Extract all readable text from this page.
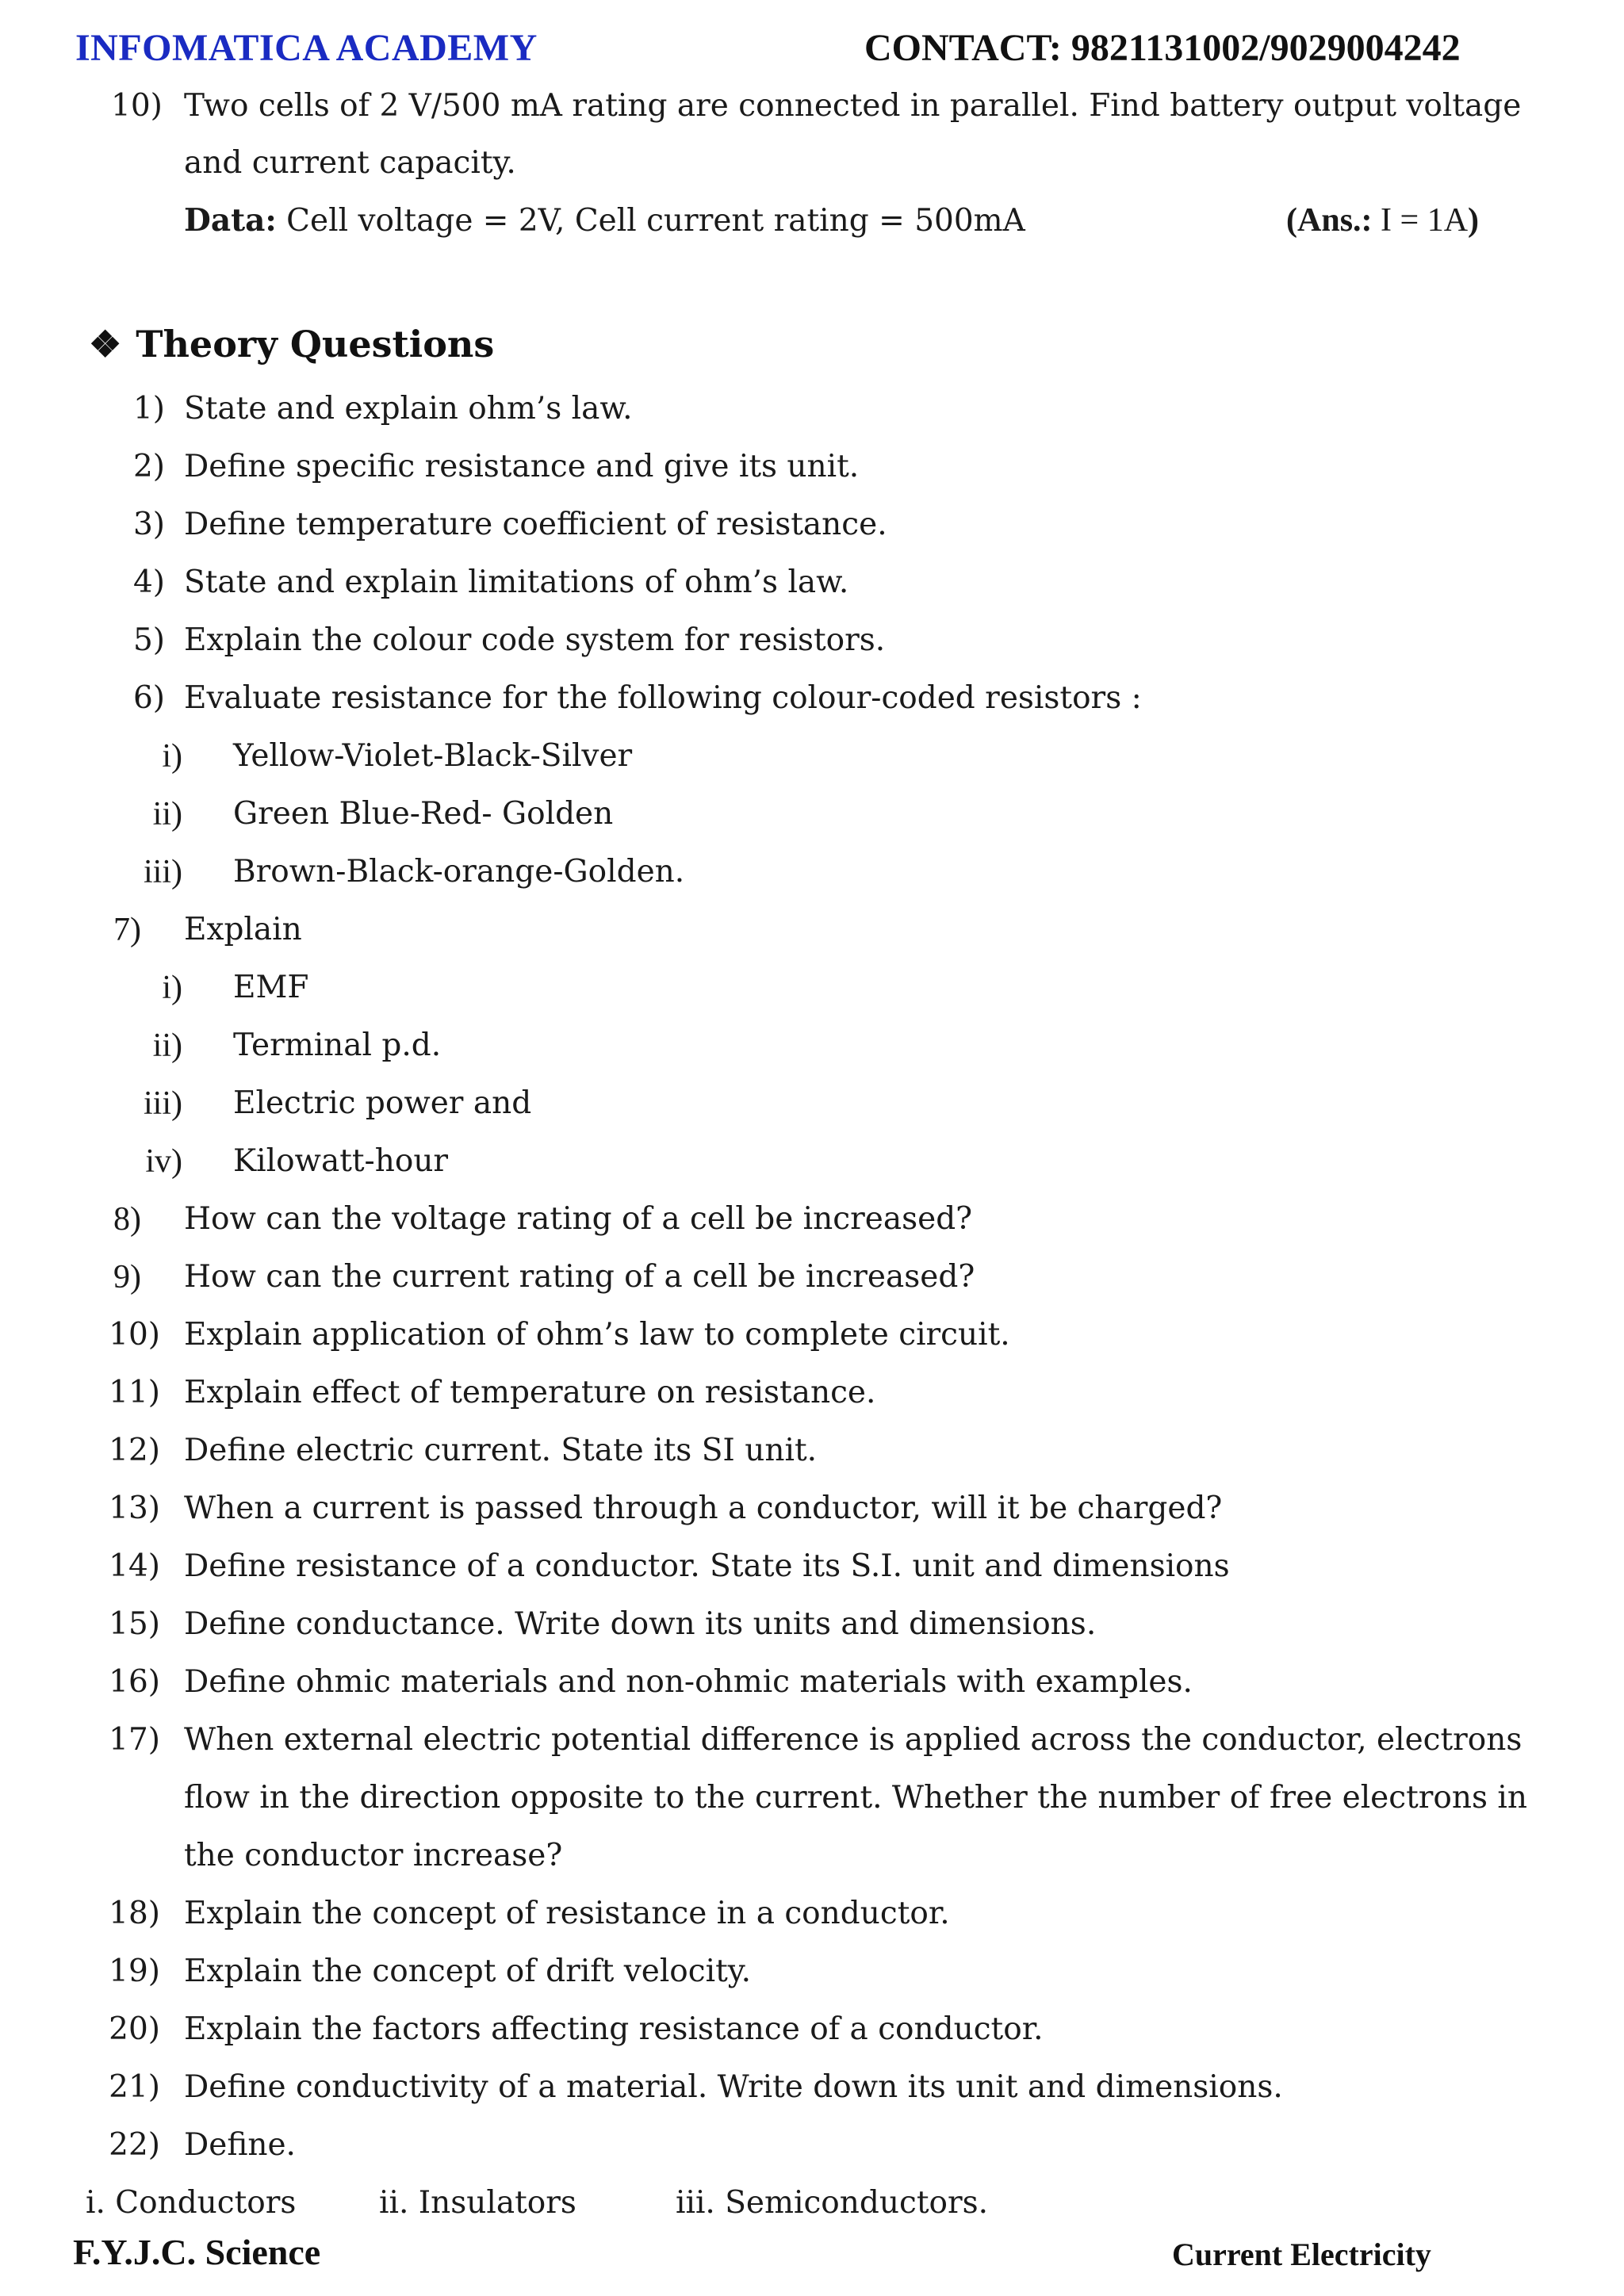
INFOMATICA ACADEMY	CONTACT: 9821131002/9029004242
10) Two cells of 2 V/500 mA rating are connected in parallel. Find battery output voltage
and current capacity.
Data: Cell voltage = 2V, Cell current rating = 500mA	(Ans.: I = 1A)
❖ Theory Questions
1) State and explain ohm’s law.
2) Define specific resistance and give its unit.
3) Define temperature coefficient of resistance.
4) State and explain limitations of ohm’s law.
5) Explain the colour code system for resistors.
6) Evaluate resistance for the following colour-coded resistors :
i) Yellow-Violet-Black-Silver
ii) Green Blue-Red- Golden
iii) Brown-Black-orange-Golden.
7) Explain
i) EMF
ii) Terminal p.d.
iii) Electric power and
iv) Kilowatt-hour
8) How can the voltage rating of a cell be increased?
9) How can the current rating of a cell be increased?
10) Explain application of ohm’s law to complete circuit.
11) Explain effect of temperature on resistance.
12) Define electric current. State its SI unit.
13) When a current is passed through a conductor, will it be charged?
14) Define resistance of a conductor. State its S.I. unit and dimensions
15) Define conductance. Write down its units and dimensions.
16) Define ohmic materials and non-ohmic materials with examples.
17) When external electric potential difference is applied across the conductor, electrons
flow in the direction opposite to the current. Whether the number of free electrons in
the conductor increase?
18) Explain the concept of resistance in a conductor.
19) Explain the concept of drift velocity.
20) Explain the factors affecting resistance of a conductor.
21) Define conductivity of a material. Write down its unit and dimensions.
22) Define.
i. Conductors	ii. Insulators	iii. Semiconductors.
F.Y.J.C. Science	Current Electricity
